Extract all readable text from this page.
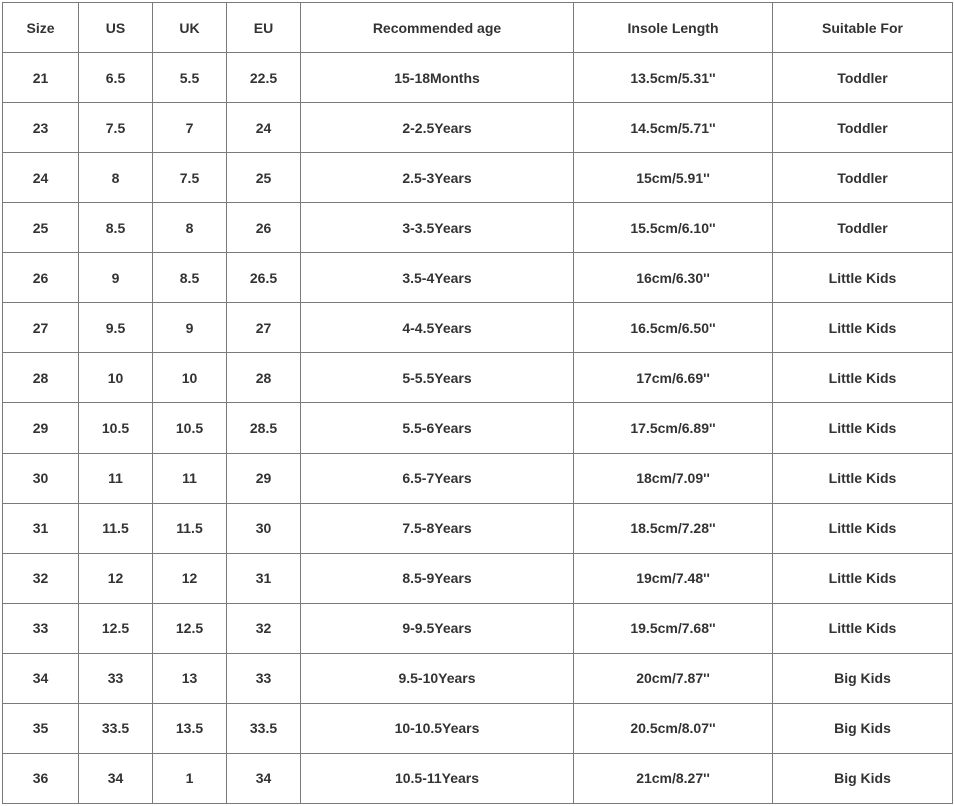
Size	US	UK	EU	Recommended age	Insole Length	Suitable For
21	6.5	5.5	22.5	15-18Months	13.5cm/5.31''	Toddler
23	7.5	7	24	2-2.5Years	14.5cm/5.71''	Toddler
24	8	7.5	25	2.5-3Years	15cm/5.91''	Toddler
25	8.5	8	26	3-3.5Years	15.5cm/6.10''	Toddler
26	9	8.5	26.5	3.5-4Years	16cm/6.30''	Little Kids
27	9.5	9	27	4-4.5Years	16.5cm/6.50''	Little Kids
28	10	10	28	5-5.5Years	17cm/6.69''	Little Kids
29	10.5	10.5	28.5	5.5-6Years	17.5cm/6.89''	Little Kids
30	11	11	29	6.5-7Years	18cm/7.09''	Little Kids
31	11.5	11.5	30	7.5-8Years	18.5cm/7.28''	Little Kids
32	12	12	31	8.5-9Years	19cm/7.48''	Little Kids
33	12.5	12.5	32	9-9.5Years	19.5cm/7.68''	Little Kids
34	33	13	33	9.5-10Years	20cm/7.87''	Big Kids
35	33.5	13.5	33.5	10-10.5Years	20.5cm/8.07''	Big Kids
36	34	1	34	10.5-11Years	21cm/8.27''	Big Kids
